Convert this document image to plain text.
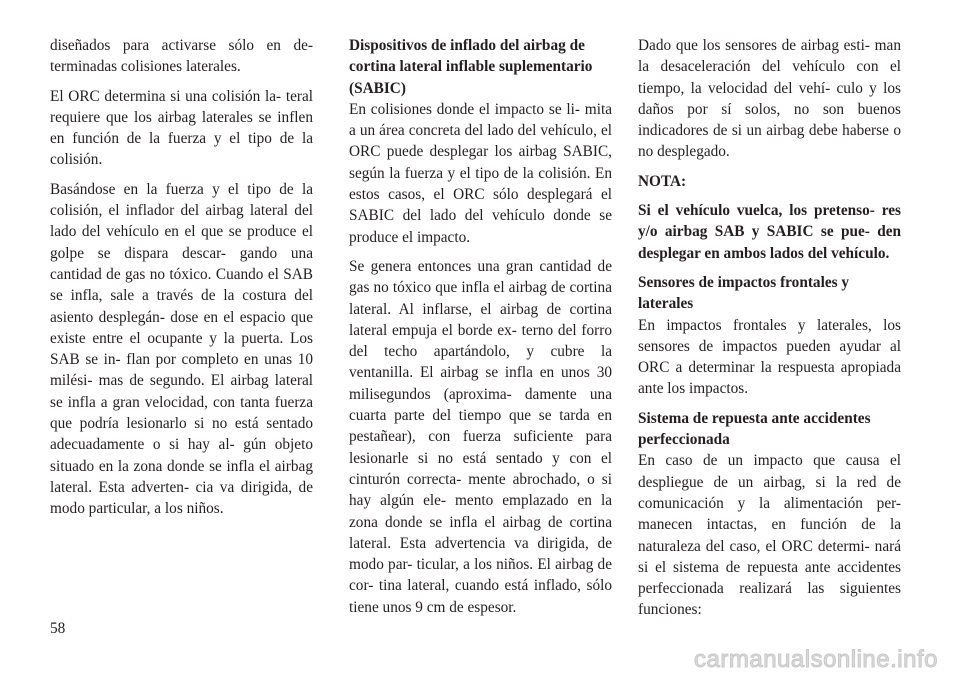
diseñados para activarse sólo en de- terminadas colisiones laterales.

El ORC determina si una colisión la- teral requiere que los airbag laterales se inflen en función de la fuerza y el tipo de la colisión.

Basándose en la fuerza y el tipo de la colisión, el inflador del airbag lateral del lado del vehículo en el que se produce el golpe se dispara descar- gando una cantidad de gas no tóxico. Cuando el SAB se infla, sale a través de la costura del asiento desplegán- dose en el espacio que existe entre el ocupante y la puerta. Los SAB se in- flan por completo en unas 10 milési- mas de segundo. El airbag lateral se infla a gran velocidad, con tanta fuerza que podría lesionarlo si no está sentado adecuadamente o si hay al- gún objeto situado en la zona donde se infla el airbag lateral. Esta adverten- cia va dirigida, de modo particular, a los niños.

Dispositivos de inflado del airbag de cortina lateral inflable suplementario (SABIC)

En colisiones donde el impacto se li- mita a un área concreta del lado del vehículo, el ORC puede desplegar los airbag SABIC, según la fuerza y el tipo de la colisión. En estos casos, el ORC sólo desplegará el SABIC del lado del vehículo donde se produce el impacto.

Se genera entonces una gran cantidad de gas no tóxico que infla el airbag de cortina lateral. Al inflarse, el airbag de cortina lateral empuja el borde ex- terno del forro del techo apartándolo, y cubre la ventanilla. El airbag se infla en unos 30 milisegundos (aproxima- damente una cuarta parte del tiempo que se tarda en pestañear), con fuerza suficiente para lesionarle si no está sentado y con el cinturón correcta- mente abrochado, o si hay algún ele- mento emplazado en la zona donde se infla el airbag de cortina lateral. Esta advertencia va dirigida, de modo par- ticular, a los niños. El airbag de cor- tina lateral, cuando está inflado, sólo tiene unos 9 cm de espesor.

Dado que los sensores de airbag esti- man la desaceleración del vehículo con el tiempo, la velocidad del vehí- culo y los daños por sí solos, no son buenos indicadores de si un airbag debe haberse o no desplegado.

NOTA:

Si el vehículo vuelca, los pretenso- res y/o airbag SAB y SABIC se pue- den desplegar en ambos lados del vehículo.

Sensores de impactos frontales y laterales

En impactos frontales y laterales, los sensores de impactos pueden ayudar al ORC a determinar la respuesta apropiada ante los impactos.

Sistema de repuesta ante accidentes perfeccionada

En caso de un impacto que causa el despliegue de un airbag, si la red de comunicación y la alimentación per- manecen intactas, en función de la naturaleza del caso, el ORC determi- nará si el sistema de repuesta ante accidentes perfeccionada realizará las siguientes funciones:

58
carmanualsonline.info
